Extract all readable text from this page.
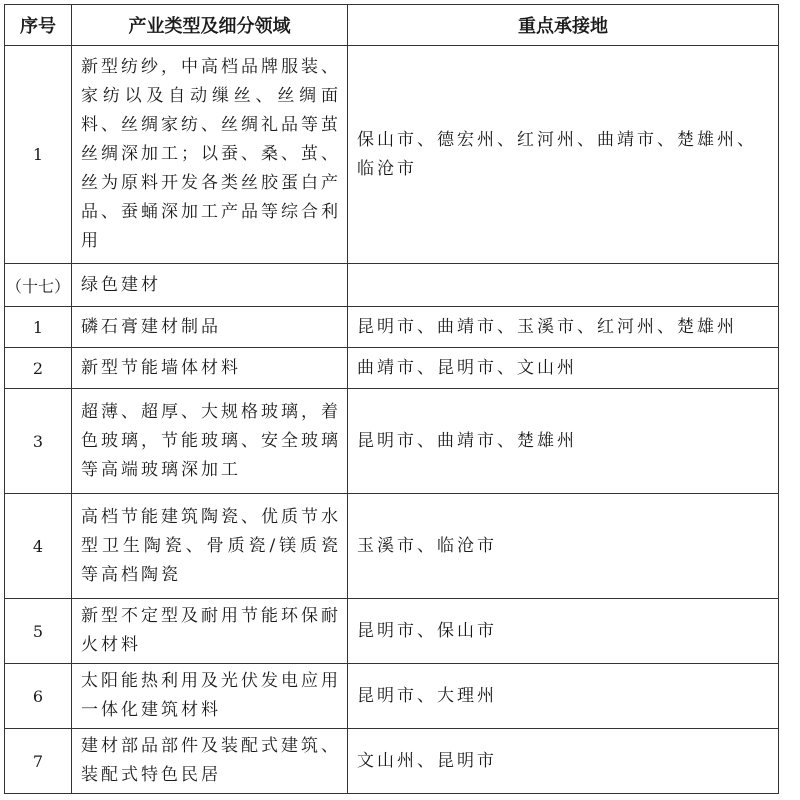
序号	产业类型及细分领域	重点承接地
1	新型纺纱，中高档品牌服装、家纺以及自动缫丝、丝绸面料、丝绸家纺、丝绸礼品等茧丝绸深加工；以蚕、桑、茧、丝为原料开发各类丝胶蛋白产品、蚕蛹深加工产品等综合利用	保山市、德宏州、红河州、曲靖市、楚雄州、临沧市
（十七）	绿色建材	
1	磷石膏建材制品	昆明市、曲靖市、玉溪市、红河州、楚雄州
2	新型节能墙体材料	曲靖市、昆明市、文山州
3	超薄、超厚、大规格玻璃，着色玻璃，节能玻璃、安全玻璃等高端玻璃深加工	昆明市、曲靖市、楚雄州
4	高档节能建筑陶瓷、优质节水型卫生陶瓷、骨质瓷/镁质瓷等高档陶瓷	玉溪市、临沧市
5	新型不定型及耐用节能环保耐火材料	昆明市、保山市
6	太阳能热利用及光伏发电应用一体化建筑材料	昆明市、大理州
7	建材部品部件及装配式建筑、装配式特色民居	文山州、昆明市
